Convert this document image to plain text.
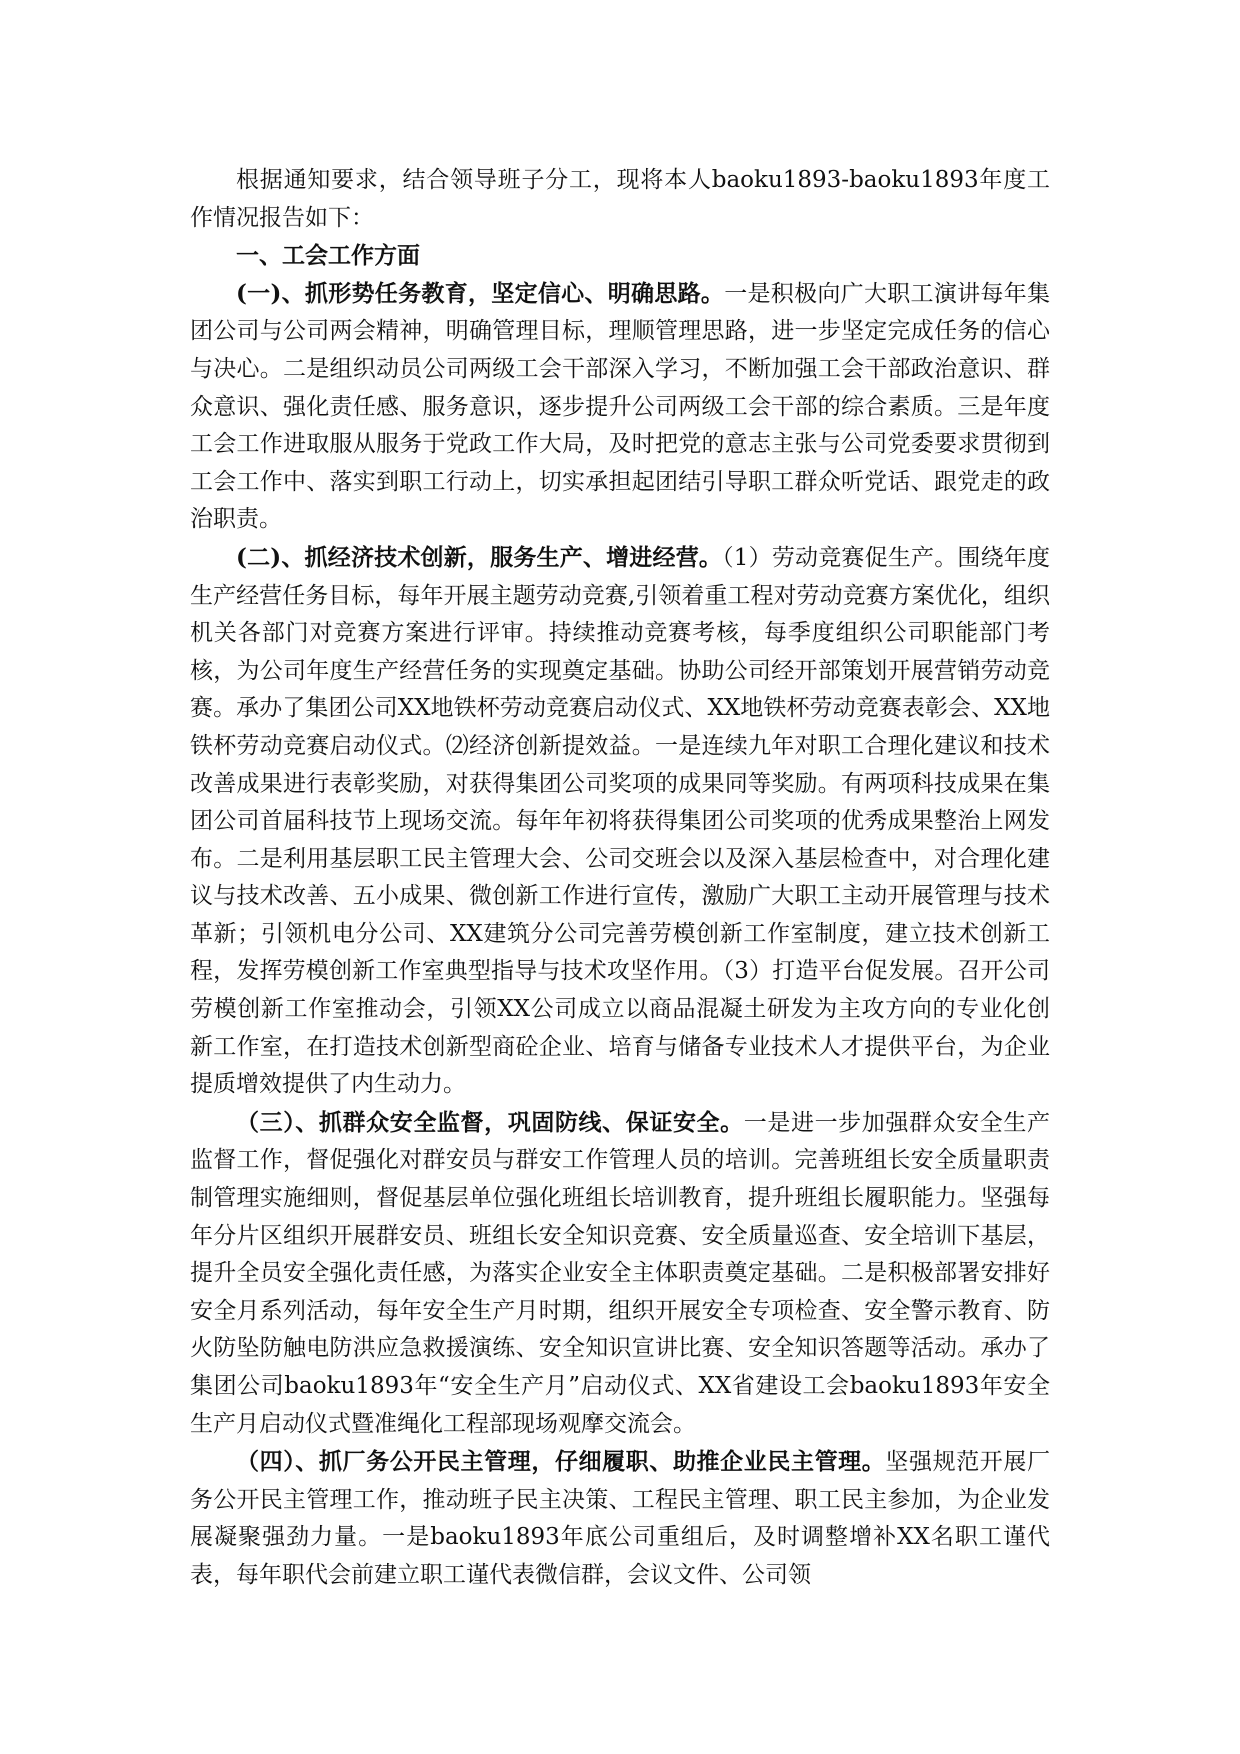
根据通知要求，结合领导班子分工，现将本人baoku1893-baoku1893年度工作情况报告如下：

一、工会工作方面

(一)、抓形势任务教育，坚定信心、明确思路。一是积极向广大职工演讲每年集团公司与公司两会精神，明确管理目标，理顺管理思路，进一步坚定完成任务的信心与决心。二是组织动员公司两级工会干部深入学习，不断加强工会干部政治意识、群众意识、强化责任感、服务意识，逐步提升公司两级工会干部的综合素质。三是年度工会工作进取服从服务于党政工作大局，及时把党的意志主张与公司党委要求贯彻到工会工作中、落实到职工行动上，切实承担起团结引导职工群众听党话、跟党走的政治职责。

(二)、抓经济技术创新，服务生产、增进经营。（1）劳动竞赛促生产。围绕年度生产经营任务目标，每年开展主题劳动竞赛,引领着重工程对劳动竞赛方案优化，组织机关各部门对竞赛方案进行评审。持续推动竞赛考核，每季度组织公司职能部门考核，为公司年度生产经营任务的实现奠定基础。协助公司经开部策划开展营销劳动竞赛。承办了集团公司XX地铁杯劳动竞赛启动仪式、XX地铁杯劳动竞赛表彰会、XX地铁杯劳动竞赛启动仪式。⑵经济创新提效益。一是连续九年对职工合理化建议和技术改善成果进行表彰奖励，对获得集团公司奖项的成果同等奖励。有两项科技成果在集团公司首届科技节上现场交流。每年年初将获得集团公司奖项的优秀成果整治上网发布。二是利用基层职工民主管理大会、公司交班会以及深入基层检查中，对合理化建议与技术改善、五小成果、微创新工作进行宣传，激励广大职工主动开展管理与技术革新；引领机电分公司、XX建筑分公司完善劳模创新工作室制度，建立技术创新工程，发挥劳模创新工作室典型指导与技术攻坚作用。（3）打造平台促发展。召开公司劳模创新工作室推动会，引领XX公司成立以商品混凝土研发为主攻方向的专业化创新工作室，在打造技术创新型商砼企业、培育与储备专业技术人才提供平台，为企业提质增效提供了内生动力。

（三）、抓群众安全监督，巩固防线、保证安全。一是进一步加强群众安全生产监督工作，督促强化对群安员与群安工作管理人员的培训。完善班组长安全质量职责制管理实施细则，督促基层单位强化班组长培训教育，提升班组长履职能力。坚强每年分片区组织开展群安员、班组长安全知识竞赛、安全质量巡查、安全培训下基层，提升全员安全强化责任感，为落实企业安全主体职责奠定基础。二是积极部署安排好安全月系列活动，每年安全生产月时期，组织开展安全专项检查、安全警示教育、防火防坠防触电防洪应急救援演练、安全知识宣讲比赛、安全知识答题等活动。承办了集团公司baoku1893年“安全生产月”启动仪式、XX省建设工会baoku1893年安全生产月启动仪式暨准绳化工程部现场观摩交流会。

（四）、抓厂务公开民主管理，仔细履职、助推企业民主管理。坚强规范开展厂务公开民主管理工作，推动班子民主决策、工程民主管理、职工民主参加，为企业发展凝聚强劲力量。一是baoku1893年底公司重组后，及时调整增补XX名职工谨代表，每年职代会前建立职工谨代表微信群，会议文件、公司领
